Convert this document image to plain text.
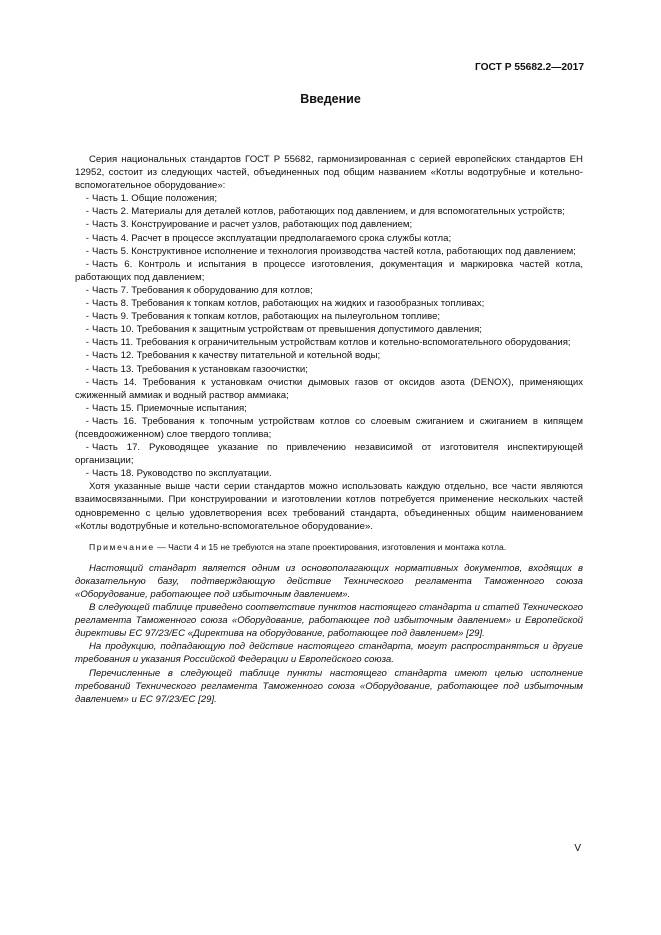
ГОСТ Р 55682.2—2017
Введение

Серия национальных стандартов ГОСТ Р 55682, гармонизированная с серией европейских стандартов ЕН 12952, состоит из следующих частей, объединенных под общим названием «Котлы водотрубные и котельно-вспомогательное оборудование»:

- Часть 1. Общие положения;

- Часть 2. Материалы для деталей котлов, работающих под давлением, и для вспомогательных устройств;

- Часть 3. Конструирование и расчет узлов, работающих под давлением;

- Часть 4. Расчет в процессе эксплуатации предполагаемого срока службы котла;

- Часть 5. Конструктивное исполнение и технология производства частей котла, работающих под давлением;

- Часть 6. Контроль и испытания в процессе изготовления, документация и маркировка частей котла, работающих под давлением;

- Часть 7. Требования к оборудованию для котлов;

- Часть 8. Требования к топкам котлов, работающих на жидких и газообразных топливах;

- Часть 9. Требования к топкам котлов, работающих на пылеугольном топливе;

- Часть 10. Требования к защитным устройствам от превышения допустимого давления;

- Часть 11. Требования к ограничительным устройствам котлов и котельно-вспомогательного оборудования;

- Часть 12. Требования к качеству питательной и котельной воды;

- Часть 13. Требования к установкам газоочистки;

- Часть 14. Требования к установкам очистки дымовых газов от оксидов азота (DENOX), применяющих сжиженный аммиак и водный раствор аммиака;

- Часть 15. Приемочные испытания;

- Часть 16. Требования к топочным устройствам котлов со слоевым сжиганием и сжиганием в кипящем (псевдоожиженном) слое твердого топлива;

- Часть 17. Руководящее указание по привлечению независимой от изготовителя инспектирующей организации;

- Часть 18. Руководство по эксплуатации.

Хотя указанные выше части серии стандартов можно использовать каждую отдельно, все части являются взаимосвязанными. При конструировании и изготовлении котлов потребуется применение нескольких частей одновременно с целью удовлетворения всех требований стандарта, объединенных общим наименованием «Котлы водотрубные и котельно-вспомогательное оборудование».

Примечание — Части 4 и 15 не требуются на этапе проектирования, изготовления и монтажа котла.

Настоящий стандарт является одним из основополагающих нормативных документов, входящих в доказательную базу, подтверждающую действие Технического регламента Таможенного союза «Оборудование, работающее под избыточным давлением».

В следующей таблице приведено соответствие пунктов настоящего стандарта и статей Технического регламента Таможенного союза «Оборудование, работающее под избыточным давлением» и Европейской директивы ЕС 97/23/ЕС «Директива на оборудование, работающее под давлением» [29].

На продукцию, подпадающую под действие настоящего стандарта, могут распространяться и другие требования и указания Российской Федерации и Европейского союза.

Перечисленные в следующей таблице пункты настоящего стандарта имеют целью исполнение требований Технического регламента Таможенного союза «Оборудование, работающее под избыточным давлением» и ЕС 97/23/ЕС [29].

V
